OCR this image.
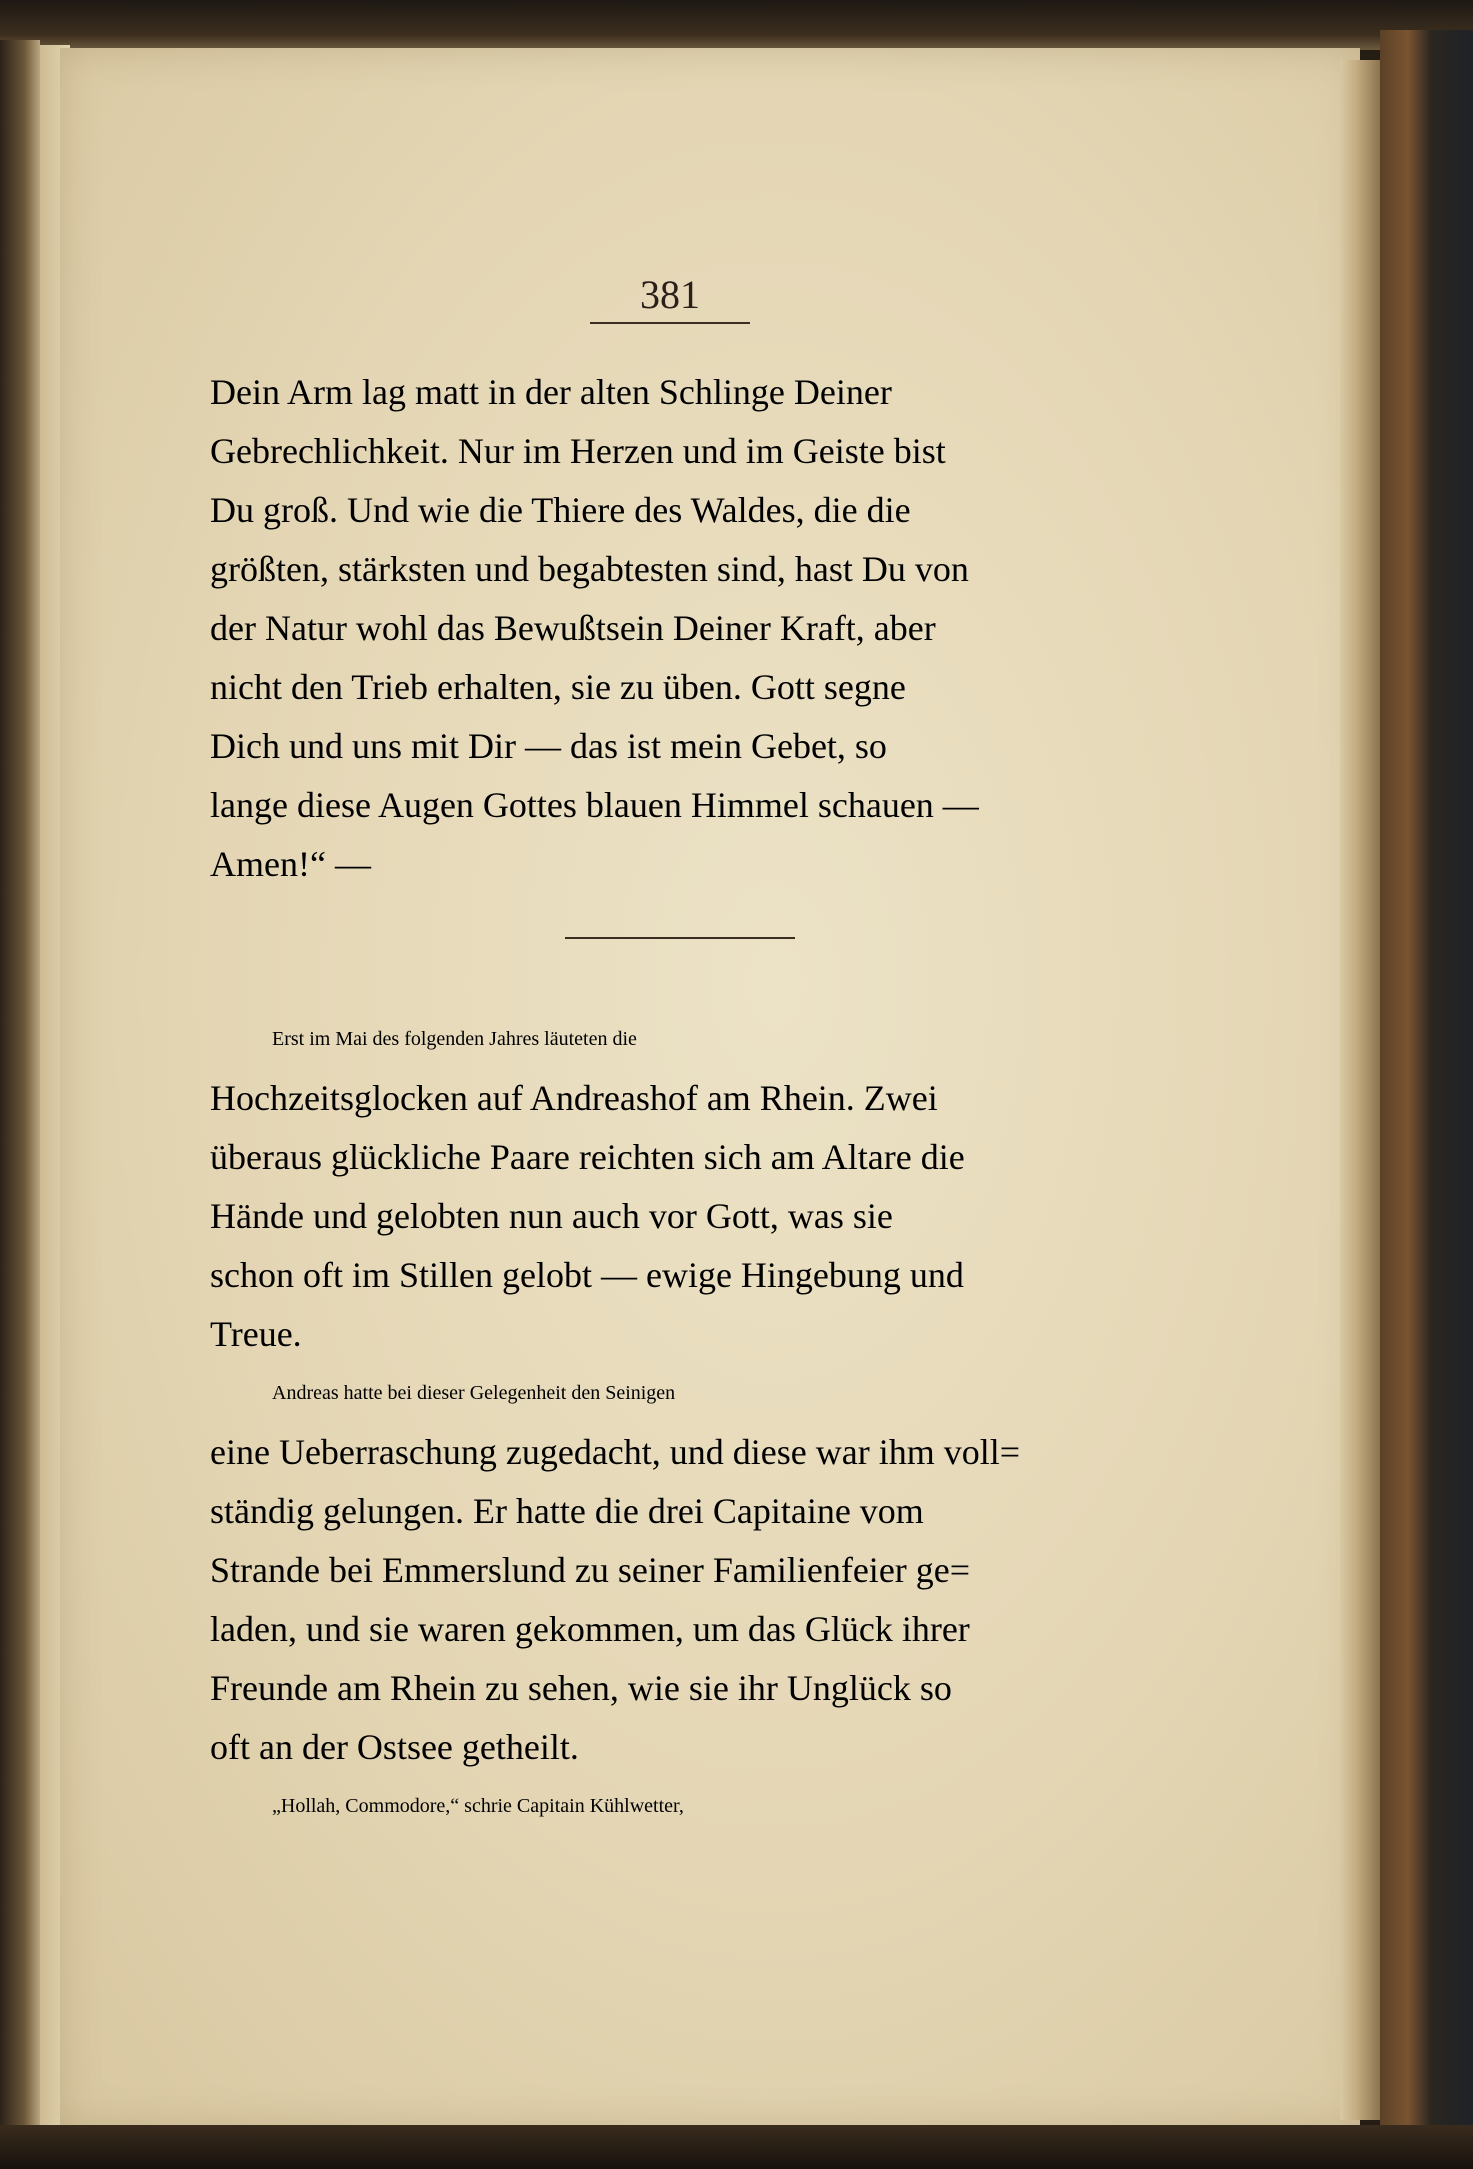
381
Dein Arm lag matt in der alten Schlinge Deiner
Gebrechlichkeit. Nur im Herzen und im Geiste bist
Du groß. Und wie die Thiere des Waldes, die die
größten, stärksten und begabtesten sind, hast Du von
der Natur wohl das Bewußtsein Deiner Kraft, aber
nicht den Trieb erhalten, sie zu üben. Gott segne
Dich und uns mit Dir — das ist mein Gebet, so
lange diese Augen Gottes blauen Himmel schauen —
Amen!“ —
Erst im Mai des folgenden Jahres läuteten die
Hochzeitsglocken auf Andreashof am Rhein. Zwei
überaus glückliche Paare reichten sich am Altare die
Hände und gelobten nun auch vor Gott, was sie
schon oft im Stillen gelobt — ewige Hingebung und
Treue.
Andreas hatte bei dieser Gelegenheit den Seinigen
eine Ueberraschung zugedacht, und diese war ihm voll=
ständig gelungen. Er hatte die drei Capitaine vom
Strande bei Emmerslund zu seiner Familienfeier ge=
laden, und sie waren gekommen, um das Glück ihrer
Freunde am Rhein zu sehen, wie sie ihr Unglück so
oft an der Ostsee getheilt.
„Hollah, Commodore,“ schrie Capitain Kühlwetter,
